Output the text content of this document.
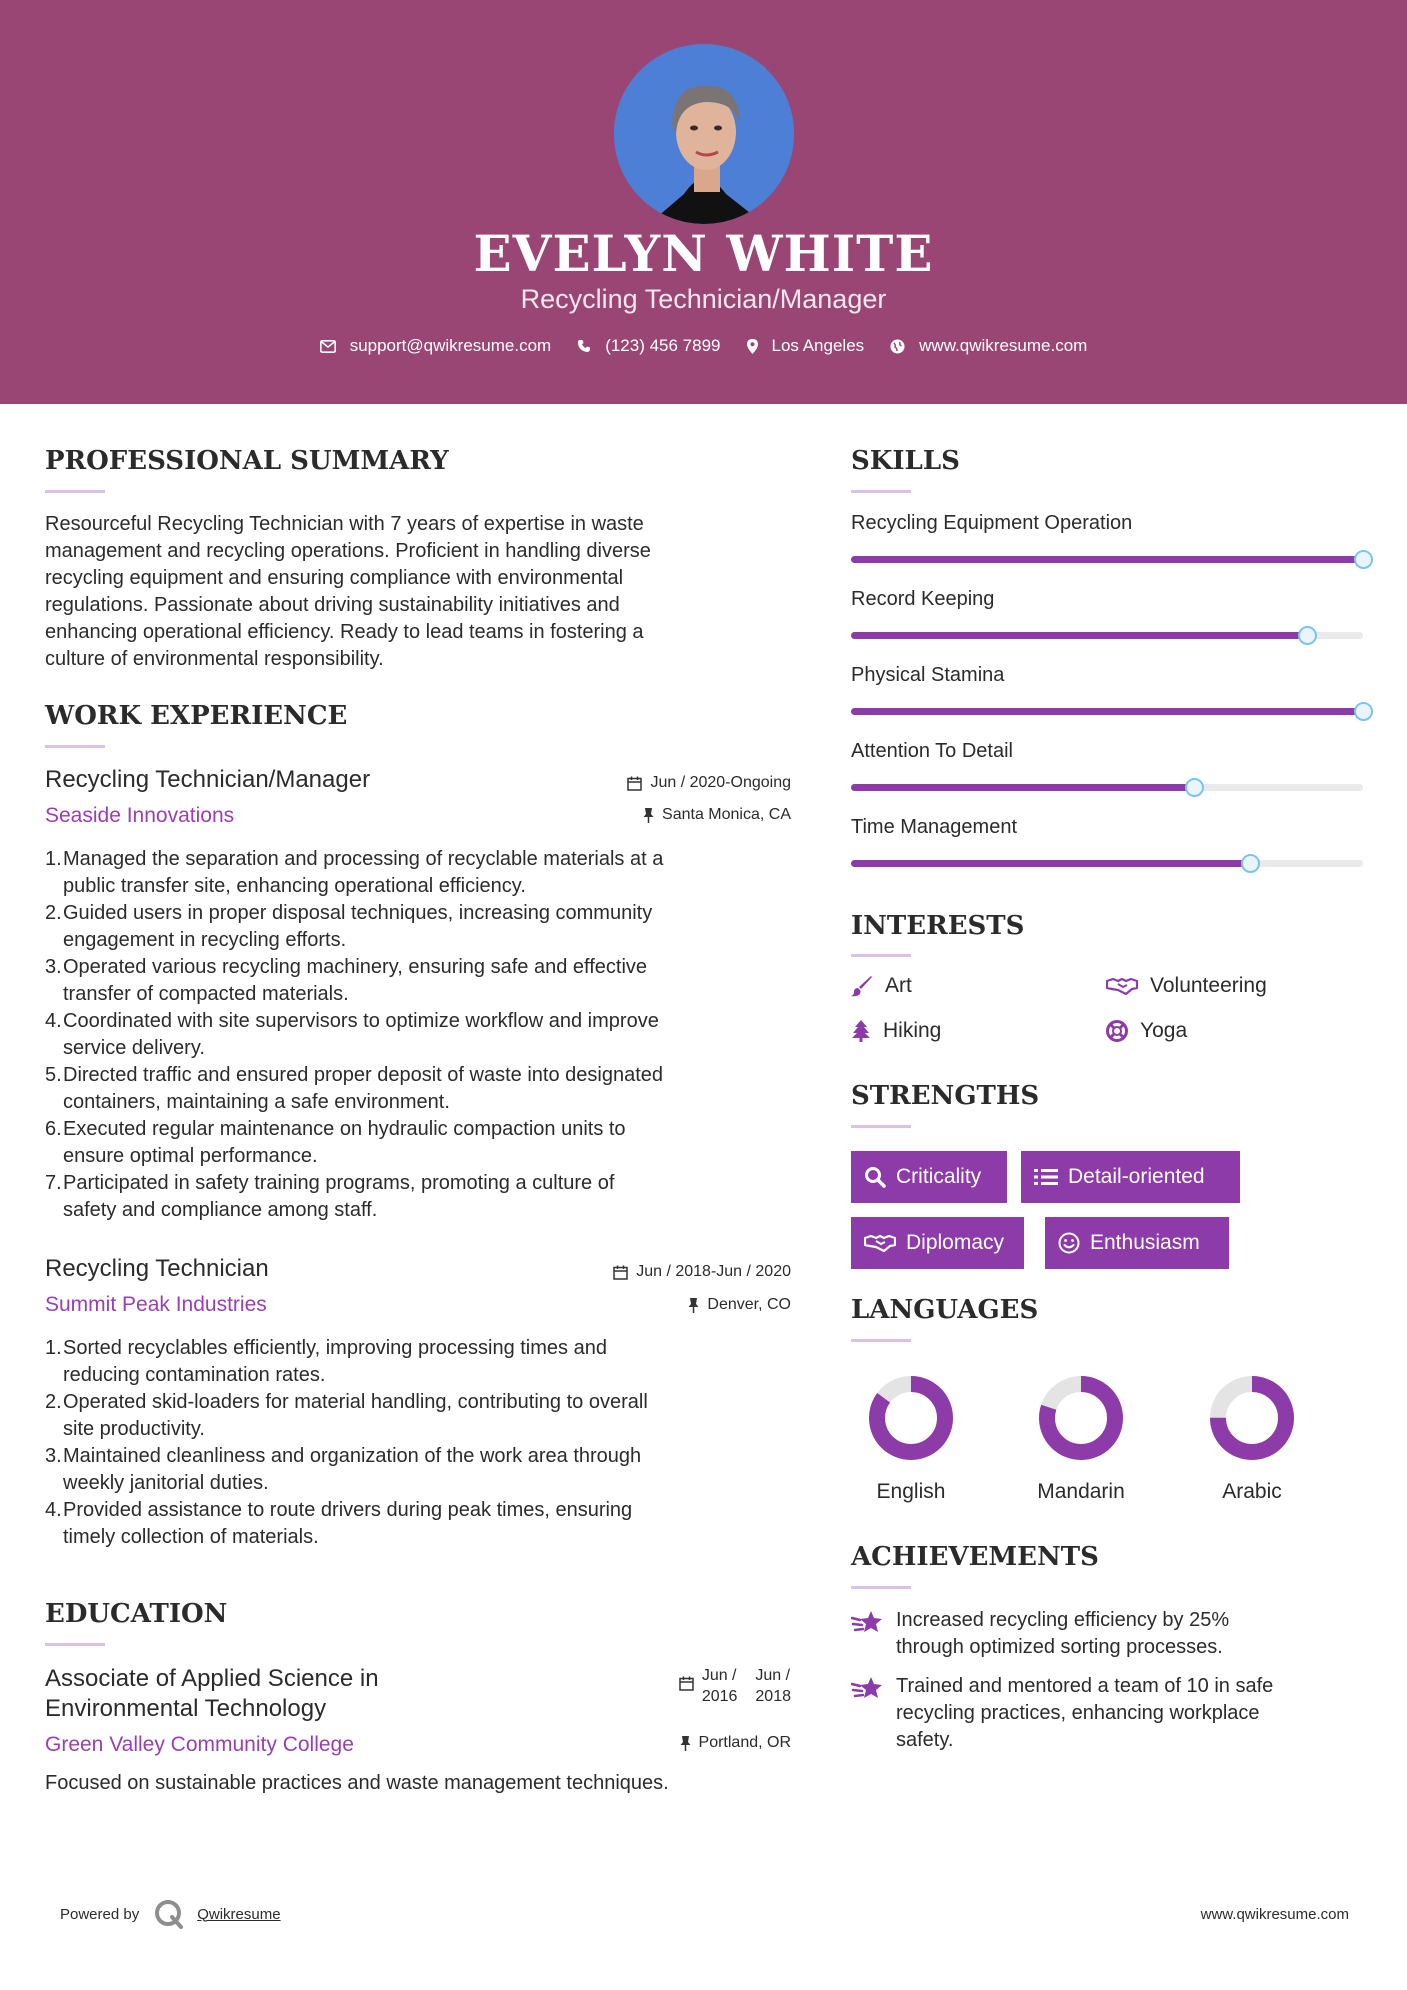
EVELYN WHITE
Recycling Technician/Manager
support@qwikresume.com	(123) 456 7899	Los Angeles	www.qwikresume.com
PROFESSIONAL SUMMARY
Resourceful Recycling Technician with 7 years of expertise in waste
management and recycling operations. Proficient in handling diverse
recycling equipment and ensuring compliance with environmental
regulations. Passionate about driving sustainability initiatives and
enhancing operational efficiency. Ready to lead teams in fostering a
culture of environmental responsibility.
WORK EXPERIENCE
Recycling Technician/Manager
Seaside Innovations
Jun / 2020-Ongoing
Santa Monica, CA
1. Managed the separation and processing of recyclable materials at a
public transfer site, enhancing operational efficiency.
2. Guided users in proper disposal techniques, increasing community
engagement in recycling efforts.
3. Operated various recycling machinery, ensuring safe and effective
transfer of compacted materials.
4. Coordinated with site supervisors to optimize workflow and improve
service delivery.
5. Directed traffic and ensured proper deposit of waste into designated
containers, maintaining a safe environment.
6. Executed regular maintenance on hydraulic compaction units to
ensure optimal performance.
7. Participated in safety training programs, promoting a culture of
safety and compliance among staff.
Recycling Technician
Summit Peak Industries
Jun / 2018-Jun / 2020
Denver, CO
1. Sorted recyclables efficiently, improving processing times and
reducing contamination rates.
2. Operated skid-loaders for material handling, contributing to overall
site productivity.
3. Maintained cleanliness and organization of the work area through
weekly janitorial duties.
4. Provided assistance to route drivers during peak times, ensuring
timely collection of materials.
EDUCATION
Associate of Applied Science in
Environmental Technology
Green Valley Community College
Jun /
2016
Jun /
2018
Portland, OR
Focused on sustainable practices and waste management techniques.
SKILLS
Recycling Equipment Operation
Record Keeping
Physical Stamina
Attention To Detail
Time Management
INTERESTS
Art	Volunteering
Hiking	Yoga
STRENGTHS
Criticality	Detail-oriented
Diplomacy	Enthusiasm
LANGUAGES
English	Mandarin	Arabic
ACHIEVEMENTS
Increased recycling efficiency by 25%
through optimized sorting processes.
Trained and mentored a team of 10 in safe
recycling practices, enhancing workplace
safety.
Powered by	Qwikresume	www.qwikresume.com
